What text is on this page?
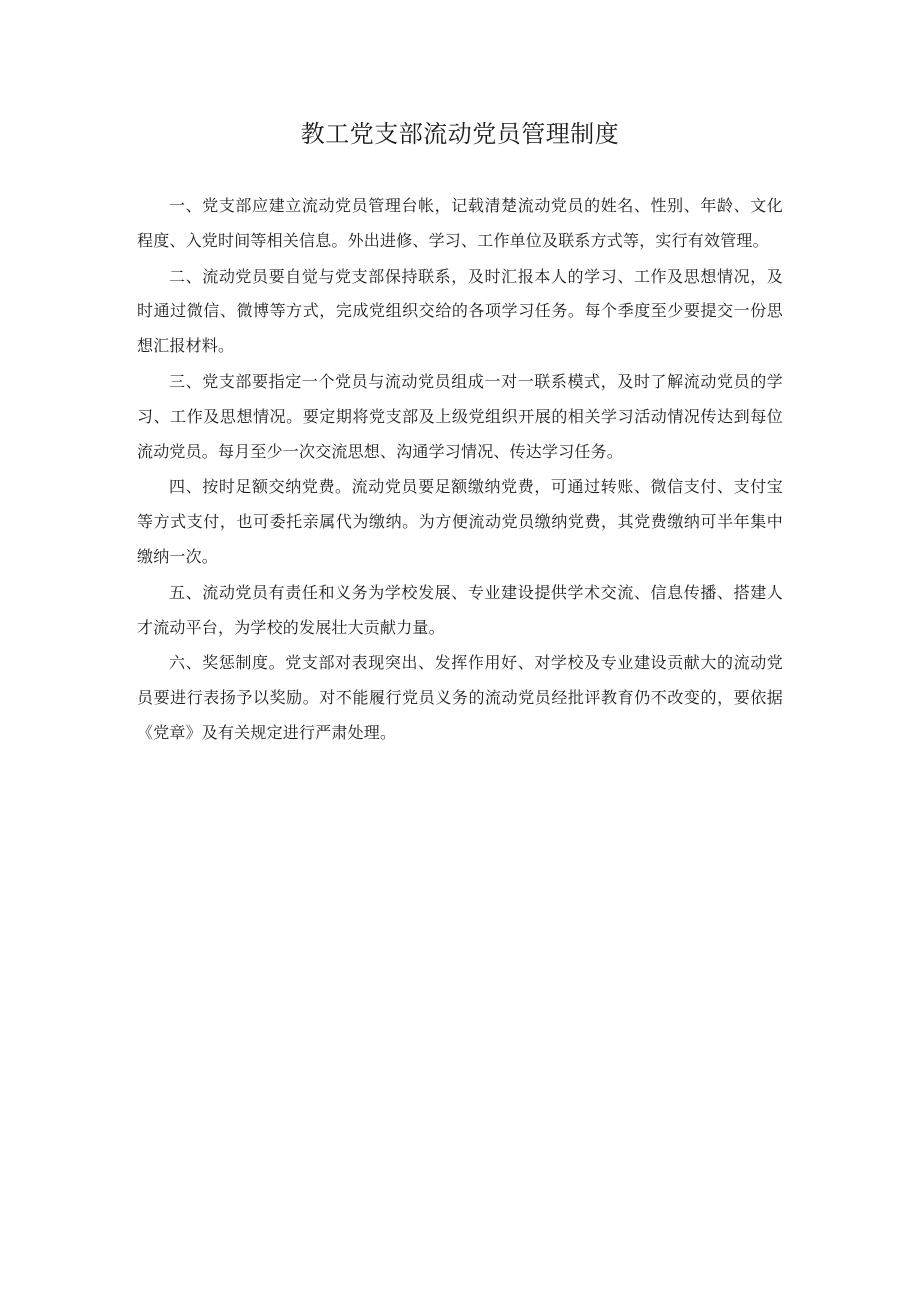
教工党支部流动党员管理制度

一、党支部应建立流动党员管理台帐，记载清楚流动党员的姓名、性别、年龄、文化程度、入党时间等相关信息。外出进修、学习、工作单位及联系方式等，实行有效管理。

二、流动党员要自觉与党支部保持联系，及时汇报本人的学习、工作及思想情况，及时通过微信、微博等方式，完成党组织交给的各项学习任务。每个季度至少要提交一份思想汇报材料。

三、党支部要指定一个党员与流动党员组成一对一联系模式，及时了解流动党员的学习、工作及思想情况。要定期将党支部及上级党组织开展的相关学习活动情况传达到每位流动党员。每月至少一次交流思想、沟通学习情况、传达学习任务。

四、按时足额交纳党费。流动党员要足额缴纳党费，可通过转账、微信支付、支付宝等方式支付，也可委托亲属代为缴纳。为方便流动党员缴纳党费，其党费缴纳可半年集中缴纳一次。

五、流动党员有责任和义务为学校发展、专业建设提供学术交流、信息传播、搭建人才流动平台，为学校的发展壮大贡献力量。

六、奖惩制度。党支部对表现突出、发挥作用好、对学校及专业建设贡献大的流动党员要进行表扬予以奖励。对不能履行党员义务的流动党员经批评教育仍不改变的，要依据《党章》及有关规定进行严肃处理。
